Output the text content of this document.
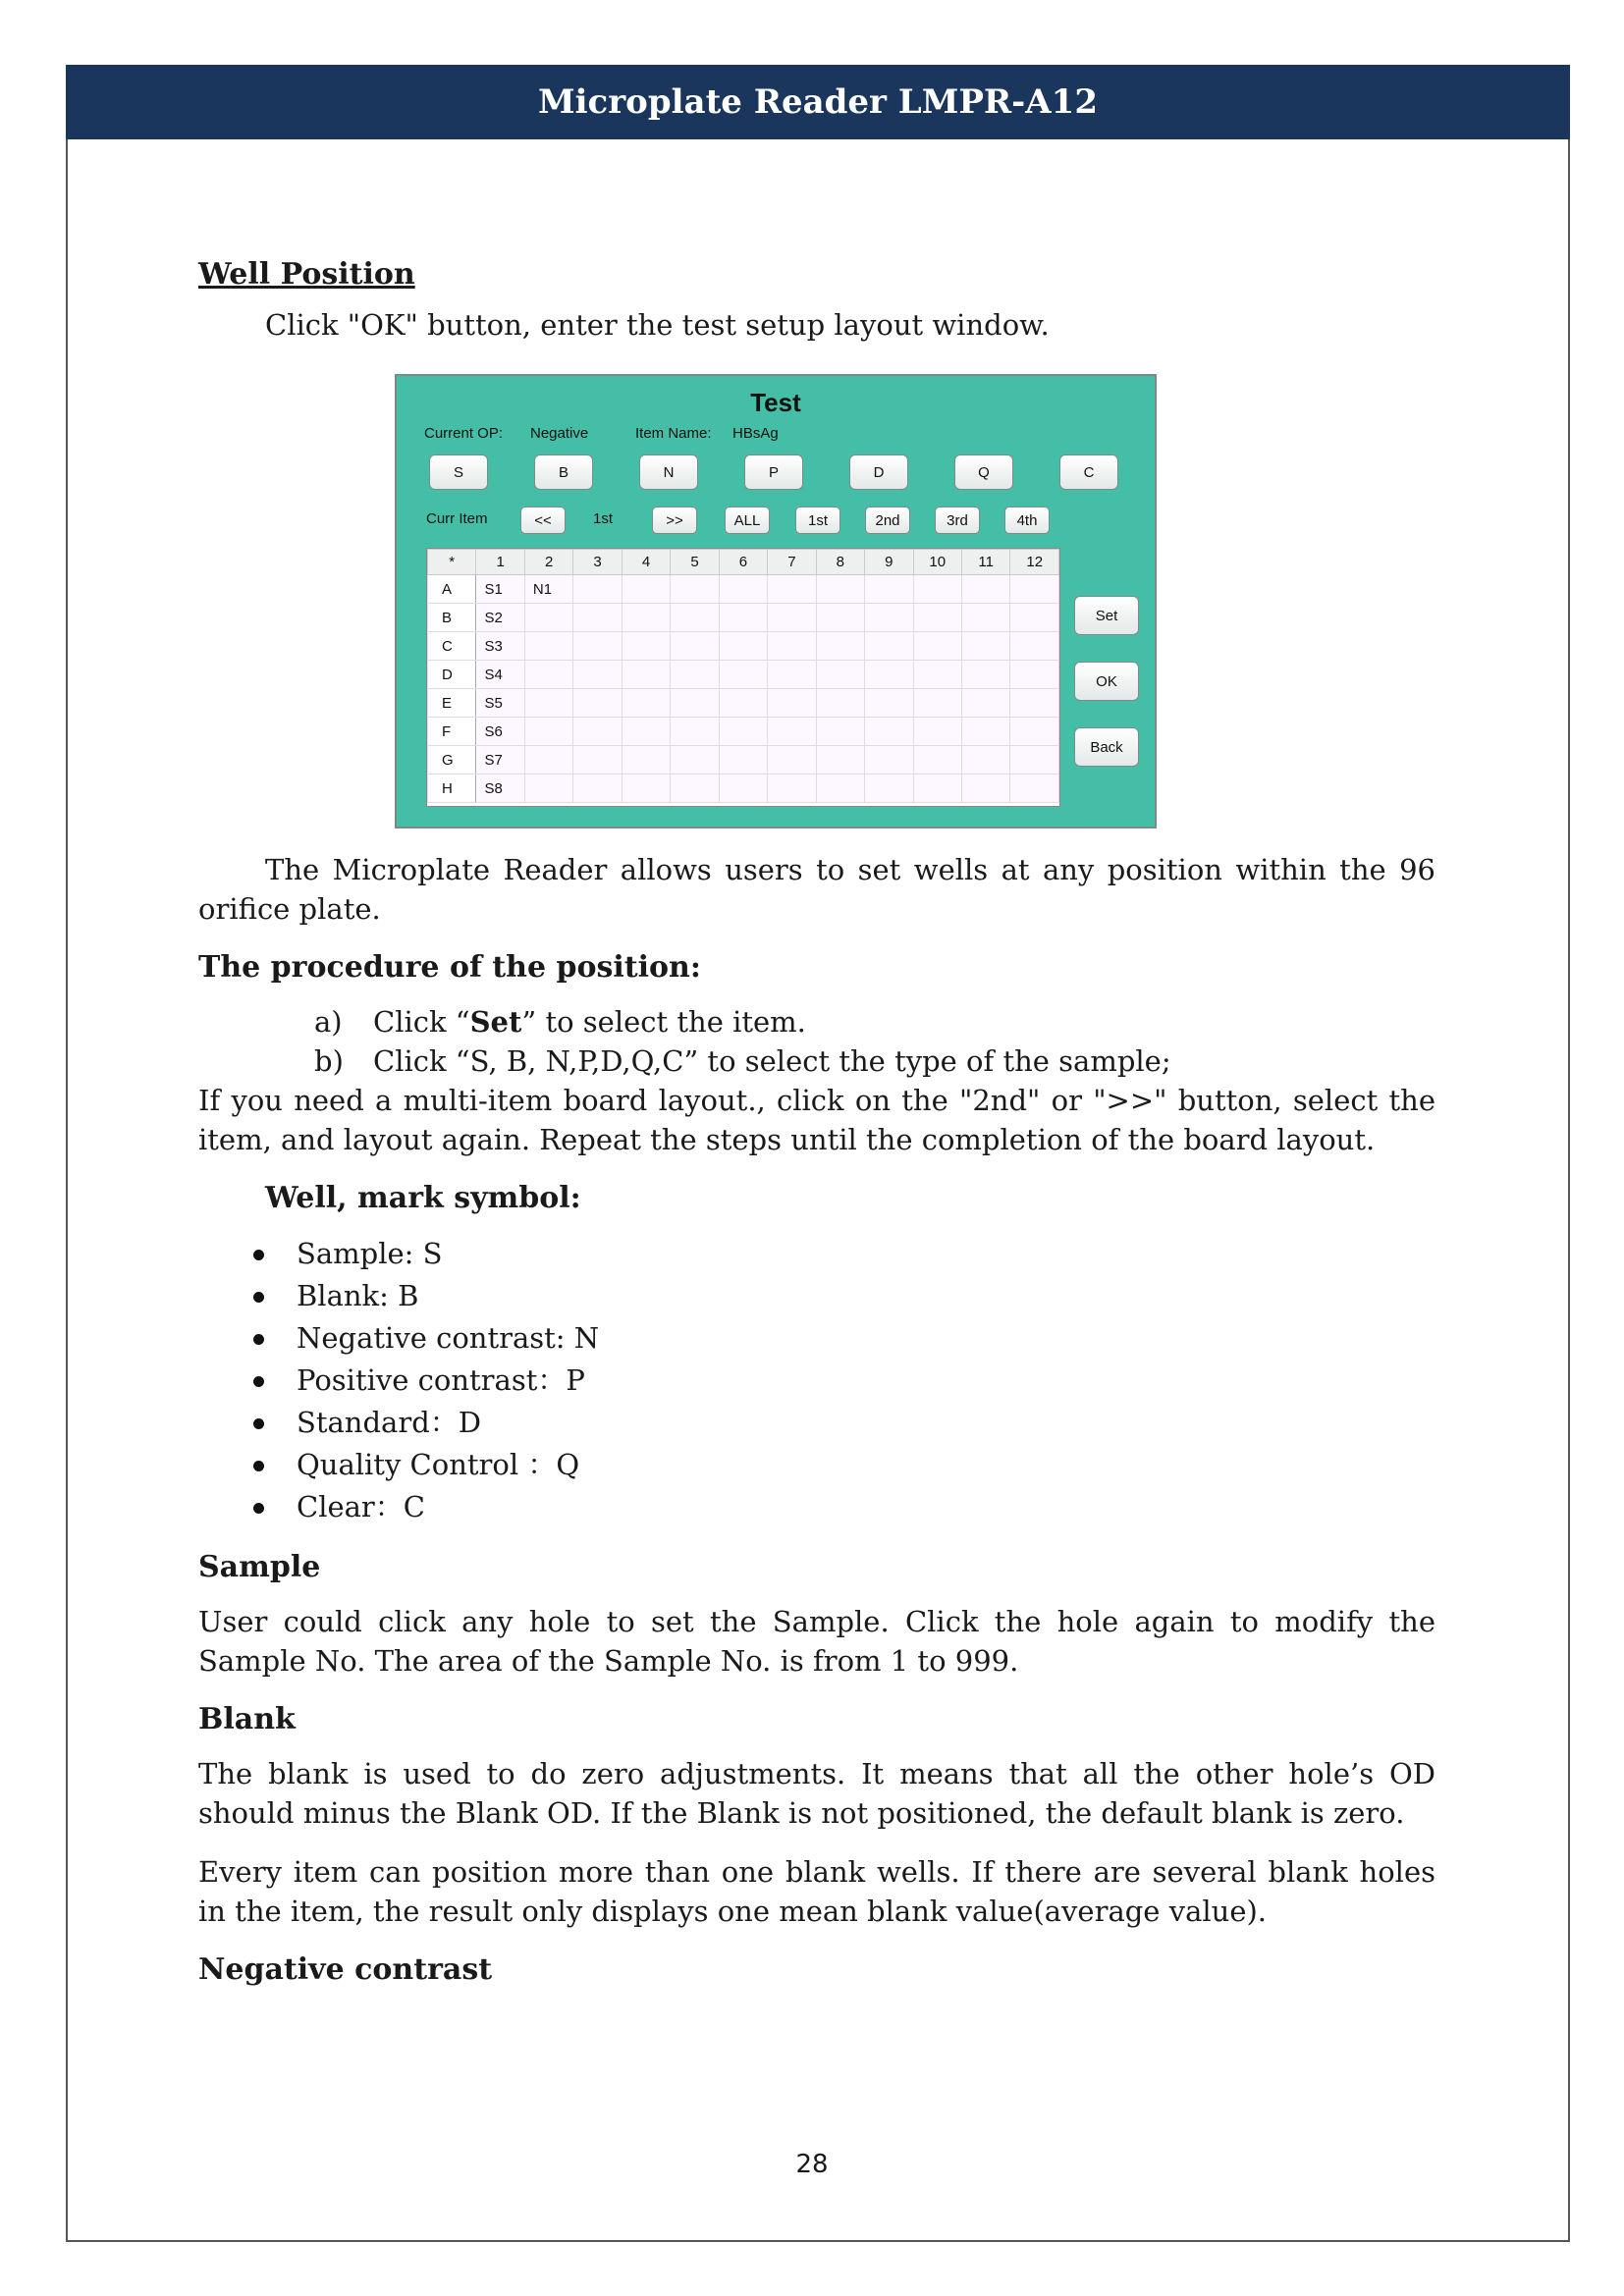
Microplate Reader LMPR-A12

Well Position

Click "OK" button, enter the test setup layout window.

Test
Current OP: Negative	Item Name: HBsAg
S	B	N	P	D	Q	C
Curr Item	<<	1st	>>	ALL	1st	2nd	3rd	4th
*	1	2	3	4	5	6	7	8	9	10	11	12
A	S1	N1										
B	S2											
C	S3											
D	S4											
E	S5											
F	S6											
G	S7											
H	S8											
Set
OK
Back

The Microplate Reader allows users to set wells at any position within the 96 orifice plate.

The procedure of the position:

a) Click “Set” to select the item.
b) Click “S, B, N,P,D,Q,C” to select the type of the sample;

If you need a multi-item board layout., click on the "2nd" or ">>" button, select the item, and layout again. Repeat the steps until the completion of the board layout.

Well, mark symbol:

Sample: S
Blank: B
Negative contrast: N
Positive contrast：P
Standard：D
Quality Control ：Q
Clear：C

Sample

User could click any hole to set the Sample. Click the hole again to modify the Sample No. The area of the Sample No. is from 1 to 999.

Blank

The blank is used to do zero adjustments. It means that all the other hole’s OD should minus the Blank OD. If the Blank is not positioned, the default blank is zero.

Every item can position more than one blank wells. If there are several blank holes in the item, the result only displays one mean blank value(average value).

Negative contrast

28
